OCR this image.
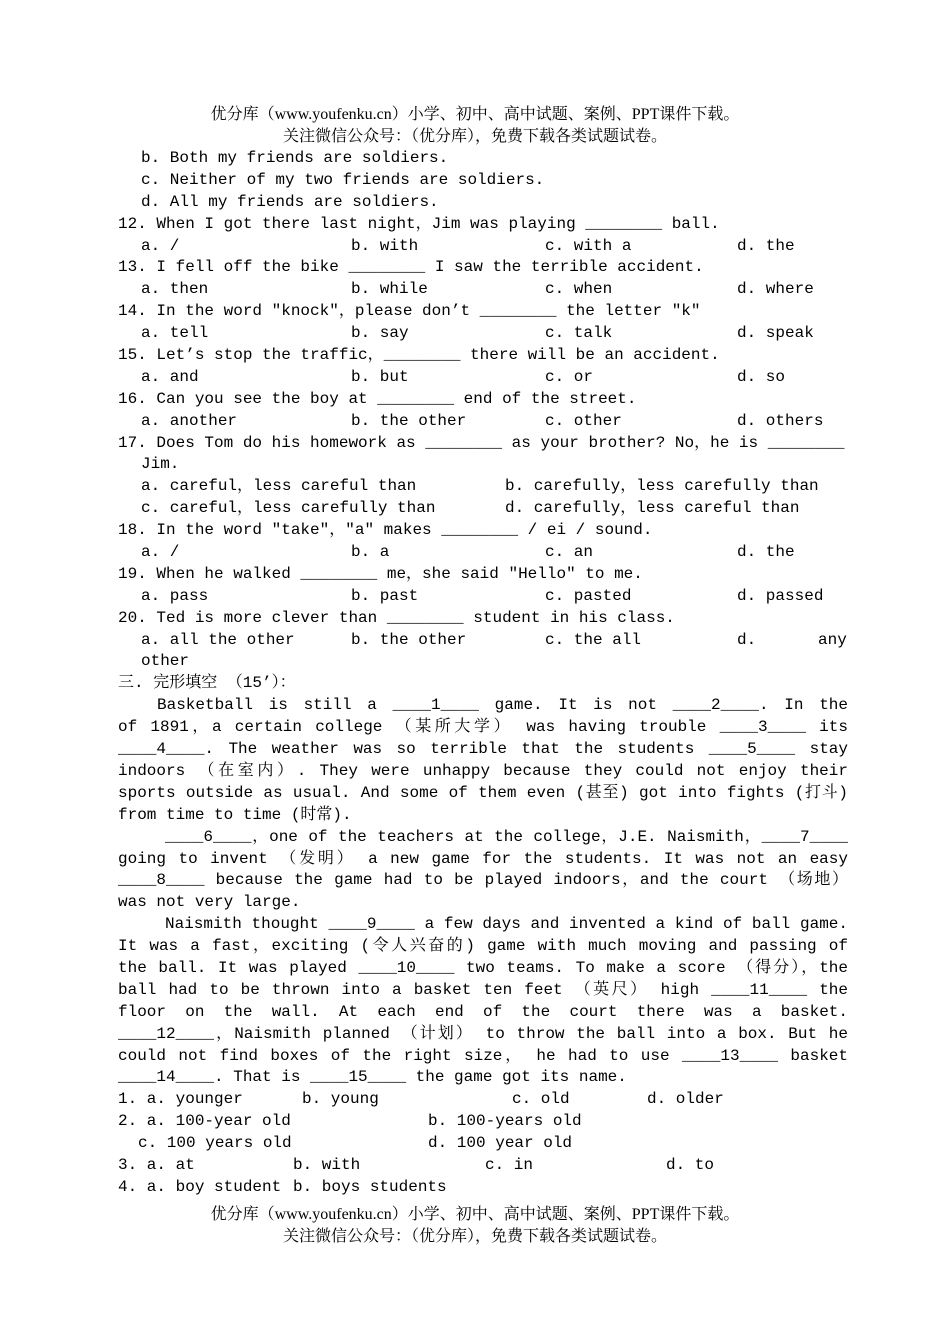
优分库（www.youfenku.cn）小学、初中、高中试题、案例、PPT课件下载。
关注微信公众号：（优分库），免费下载各类试题试卷。
b. Both my friends are soldiers.
c. Neither of my two friends are soldiers.
d. All my friends are soldiers.
12. When I got there last night，Jim was playing ________ ball.

a. /

	b. with

	c. with a

	d. the

13. I fell off the bike ________ I saw the terrible accident.

a. then

	b. while

	c. when

	d. where

14. In the word "knock"，please don’t ________ the letter "k"

a. tell

	b. say

	c. talk

	d. speak

15. Let’s stop the traffic，________ there will be an accident.

a. and

	b. but

	c. or

	d. so

16. Can you see the boy at ________ end of the street.

a. another

	b. the other

	c. other

	d. others

17. Does Tom do his homework as ________ as your brother? No，he is ________
Jim.

a. careful，less careful than

	b. carefully，less carefully than

c. careful，less carefully than

	d. carefully，less careful than

18. In the word "take"，"a" makes ________ / ei / sound.

a. /

	b. a

	c. an

	d. the

19. When he walked ________ me，she said "Hello" to me.

a. pass

	b. past

	c. pasted

	d. passed

20. Ted is more clever than ________ student in his class.

a. all the other

	b. the other

	c. the all

	d.

	any

other
三. 完形填空 （15’）：
Basketball is still a ____1____ game. It is not ____2____. In the
of 1891，a certain college （某所大学） was having trouble ____3____ its
____4____. The weather was so terrible that the students ____5____ stay
indoors （在室内）. They were unhappy because they could not enjoy their
sports outside as usual. And some of them even (甚至) got into fights (打斗)
from time to time (时常).
____6____，one of the teachers at the college，J.E. Naismith，____7____
going to invent （发明） a new game for the students. It was not an easy
____8____ because the game had to be played indoors，and the court （场地）
was not very large.
Naismith thought ____9____ a few days and invented a kind of ball game.
It was a fast，exciting (令人兴奋的) game with much moving and passing of
the ball. It was played ____10____ two teams. To make a score （得分），the
ball had to be thrown into a basket ten feet （英尺） high ____11____ the
floor on the wall. At each end of the court there was a basket.
____12____，Naismith planned （计划） to throw the ball into a box. But he
could not find boxes of the right size， he had to use ____13____ basket
____14____. That is ____15____ the game got its name.

1. a. younger

	b. young

	c. old

	d. older

2. a. 100-year old

	b. 100-years old

c. 100 years old

	d. 100 year old

3. a. at

	b. with

	c. in

	d. to

4. a. boy student

b. boys students

优分库（www.youfenku.cn）小学、初中、高中试题、案例、PPT课件下载。
关注微信公众号：（优分库），免费下载各类试题试卷。
